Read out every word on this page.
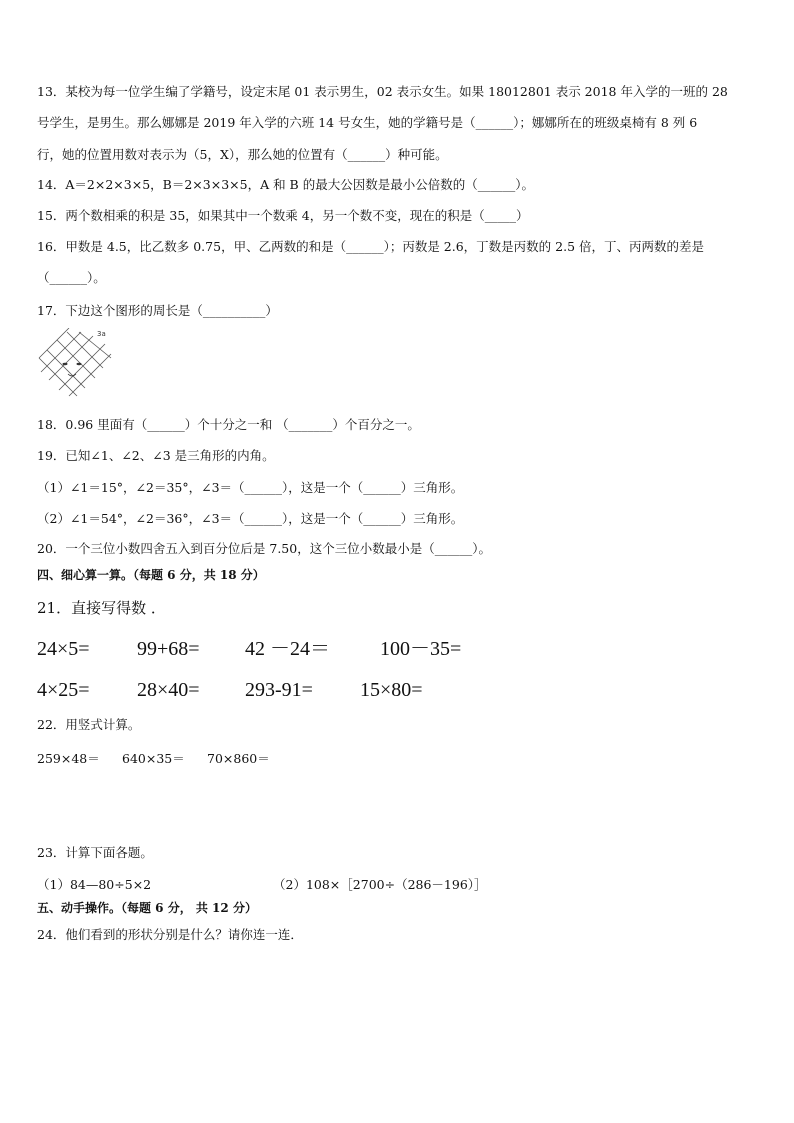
13．某校为每一位学生编了学籍号，设定末尾 01 表示男生，02 表示女生。如果 18012801 表示 2018 年入学的一班的 28
号学生，是男生。那么娜娜是 2019 年入学的六班 14 号女生，她的学籍号是（______）；娜娜所在的班级桌椅有 8 列 6
行，她的位置用数对表示为（5，X），那么她的位置有（______）种可能。
14．A＝2×2×3×5，B＝2×3×3×5，A 和 B 的最大公因数是最小公倍数的（______）。
15．两个数相乘的积是 35，如果其中一个数乘 4，另一个数不变，现在的积是（_____）
16．甲数是 4.5，比乙数多 0.75，甲、乙两数的和是（______）；丙数是 2.6，丁数是丙数的 2.5 倍，丁、丙两数的差是
（______）。
17．下边这个图形的周长是（__________）
3a
18．0.96 里面有（______）个十分之一和 （_______）个百分之一。
19．已知∠1、∠2、∠3 是三角形的内角。
（1）∠1＝15°，∠2＝35°，∠3＝（______），这是一个（______）三角形。
（2）∠1＝54°，∠2＝36°，∠3＝（______），这是一个（______）三角形。
20．一个三位小数四舍五入到百分位后是 7.50，这个三位小数最小是（______）。
四、细心算一算。（每题 6 分，共 18 分）
21．直接写得数 ．
24×5= 99+68= 42 －24＝	100－35=
4×25= 28×40= 293-91= 15×80=
22．用竖式计算。
259×48＝ 640×35＝ 70×860＝
23．计算下面各题。
（1）84—80÷5×2	（2）108×［2700÷（286－196）］
五、动手操作。（每题 6 分， 共 12 分）
24．他们看到的形状分别是什么？请你连一连．
